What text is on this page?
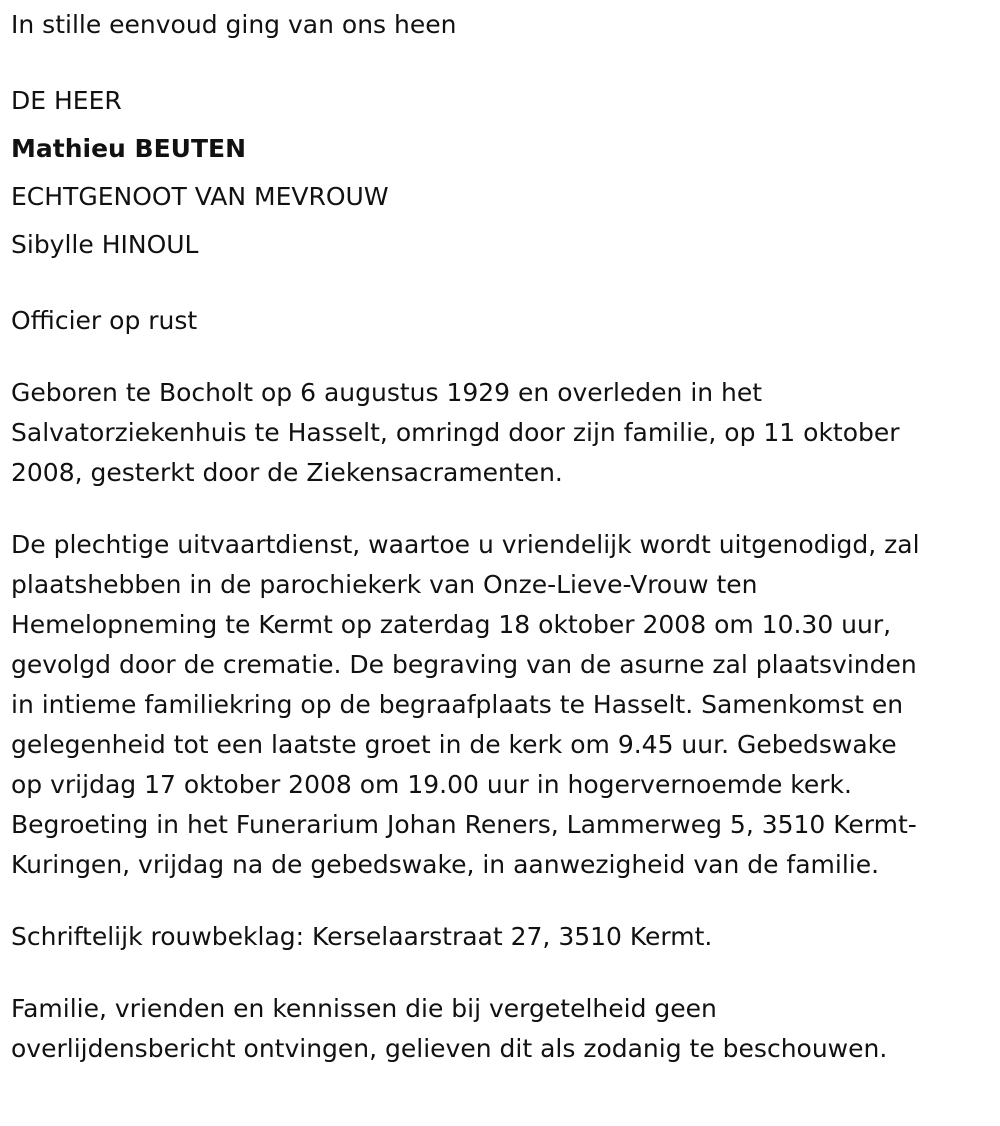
In stille eenvoud ging van ons heen

DE HEER

Mathieu BEUTEN

ECHTGENOOT VAN MEVROUW

Sibylle HINOUL

Officier op rust

Geboren te Bocholt op 6 augustus 1929 en overleden in het

Salvatorziekenhuis te Hasselt, omringd door zijn familie, op 11 oktober

2008, gesterkt door de Ziekensacramenten.

De plechtige uitvaartdienst, waartoe u vriendelijk wordt uitgenodigd, zal

plaatshebben in de parochiekerk van Onze-Lieve-Vrouw ten

Hemelopneming te Kermt op zaterdag 18 oktober 2008 om 10.30 uur,

gevolgd door de crematie. De begraving van de asurne zal plaatsvinden

in intieme familiekring op de begraafplaats te Hasselt. Samenkomst en

gelegenheid tot een laatste groet in de kerk om 9.45 uur. Gebedswake

op vrijdag 17 oktober 2008 om 19.00 uur in hogervernoemde kerk.

Begroeting in het Funerarium Johan Reners, Lammerweg 5, 3510 Kermt-

Kuringen, vrijdag na de gebedswake, in aanwezigheid van de familie.

Schriftelijk rouwbeklag: Kerselaarstraat 27, 3510 Kermt.

Familie, vrienden en kennissen die bij vergetelheid geen

overlijdensbericht ontvingen, gelieven dit als zodanig te beschouwen.
